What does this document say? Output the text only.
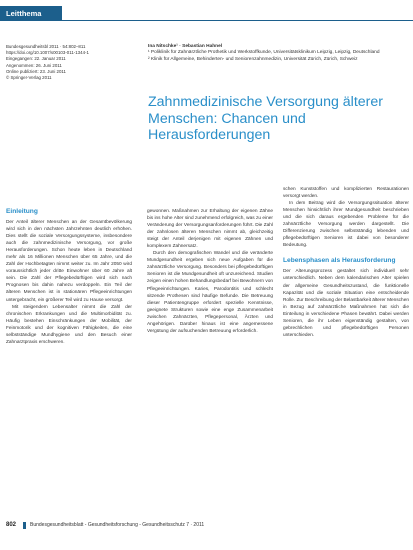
Leitthema
Bundesgesundheitsbl 2011 · 54:802–811
https://doi.org/10.1007/s00103-011-1344-1
Eingegangen: 22. Januar 2011
Angenommen: 26. Juni 2011
Online publiziert: 23. Juni 2011
© Springer-Verlag 2011
Ina Nitschke¹ · Sebastian Hahnel
¹ Poliklinik für Zahnärztliche Prothetik und Werkstoffkunde, Universitätsklinikum Leipzig, Leipzig, Deutschland
² Klinik für Allgemeine, Behinderten- und Seniorenzahnmedizin, Universität Zürich, Zürich, Schweiz
Zahnmedizinische Versorgung älterer Menschen: Chancen und Herausforderungen
Einleitung

Der Anteil älterer Menschen an der Gesamtbevölkerung wird sich in den nächsten Jahrzehnten deutlich erhöhen. Dies stellt die soziale Versorgungssysteme, insbesondere auch die zahnmedizinische Versorgung, vor große Herausforderungen. Schon heute leben in Deutschland mehr als 16 Millionen Menschen über 65 Jahre, und die Zahl der Hochbetagten nimmt weiter zu. Im Jahr 2050 wird voraussichtlich jeder dritte Einwohner über 60 Jahre alt sein. Die Zahl der Pflegebedürftigen wird sich nach Prognosen bis dahin nahezu verdoppeln. Ein Teil der älteren Menschen ist in stationären Pflegeeinrichtungen untergebracht, ein größerer Teil wird zu Hause versorgt.

Mit steigendem Lebensalter nimmt die Zahl der chronischen Erkrankungen und die Multimorbidität zu. Häufig bestehen Einschränkungen der Mobilität, der Feinmotorik und der kognitiven Fähigkeiten, die eine selbstständige Mundhygiene und den Besuch einer Zahnarztpraxis erschweren.

gewonnen. Maßnahmen zur Erhaltung der eigenen Zähne bis ins hohe Alter sind zunehmend erfolgreich, was zu einer Veränderung der Versorgungsanforderungen führt. Die Zahl der zahnlosen älteren Menschen nimmt ab, gleichzeitig steigt der Anteil derjenigen mit eigenen Zähnen und komplexem Zahnersatz.

Durch den demografischen Wandel und die veränderte Mundgesundheit ergeben sich neue Aufgaben für die zahnärztliche Versorgung. Besonders bei pflegebedürftigen Senioren ist die Mundgesundheit oft unzureichend. Studien zeigen einen hohen Behandlungsbedarf bei Bewohnern von Pflegeeinrichtungen. Karies, Parodontitis und schlecht sitzende Prothesen sind häufige Befunde. Die Betreuung dieser Patientengruppe erfordert spezielle Kenntnisse, geeignete Strukturen sowie eine enge Zusammenarbeit zwischen Zahnärzten, Pflegepersonal, Ärzten und Angehörigen. Darüber hinaus ist eine angemessene Vergütung der aufsuchenden Betreuung erforderlich.

schen Kunststoffen und komplizierten Restaurationen versorgt werden.

In dem Beitrag wird die Versorgungssituation älterer Menschen hinsichtlich ihrer Mundgesundheit beschrieben und die sich daraus ergebenden Probleme für die zahnärztliche Versorgung werden dargestellt. Die Differenzierung zwischen selbstständig lebenden und pflegebedürftigen Senioren ist dabei von besonderer Bedeutung.

Lebensphasen als Herausforderung

Der Alterungsprozess gestaltet sich individuell sehr unterschiedlich. Neben dem kalendarischen Alter spielen der allgemeine Gesundheitszustand, die funktionelle Kapazität und die soziale Situation eine entscheidende Rolle. Zur Beschreibung der Belastbarkeit älterer Menschen in Bezug auf zahnärztliche Maßnahmen hat sich die Einteilung in verschiedene Phasen bewährt. Dabei werden Senioren, die ihr Leben eigenständig gestalten, von gebrechlichen und pflegebedürftigen Personen unterschieden.

802	Bundesgesundheitsblatt - Gesundheitsforschung - Gesundheitsschutz 7 · 2011
